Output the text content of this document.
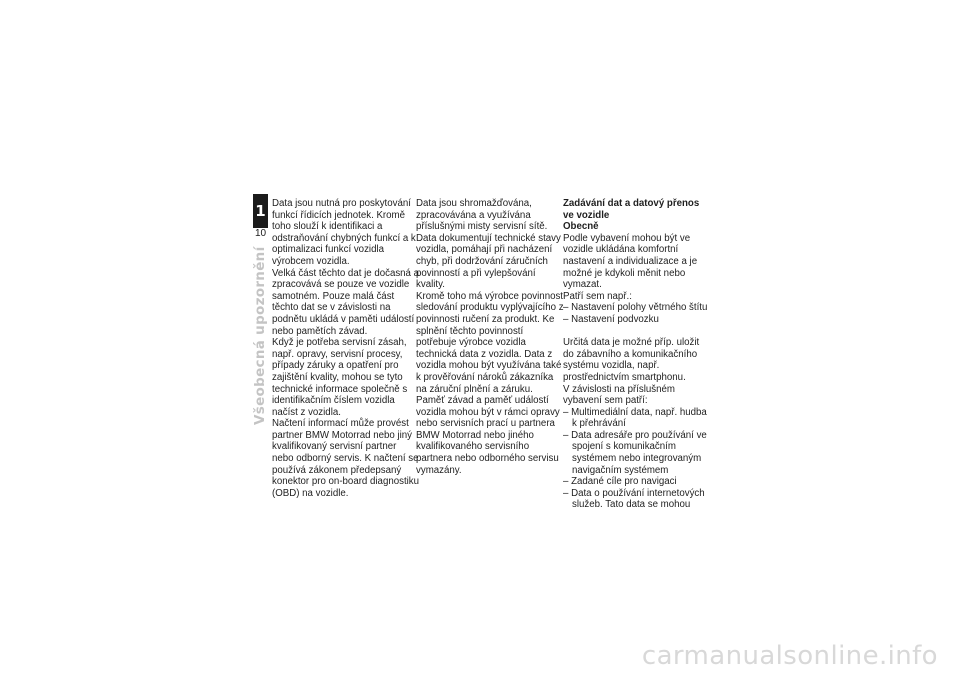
1
10
Všeobecná upozornění

Data jsou nutná pro poskytování funkcí řídicích jednotek. Kromě toho slouží k identifikaci a odstraňování chybných funkcí a k optimalizaci funkcí vozidla výrobcem vozidla.

Velká část těchto dat je dočasná a zpracovává se pouze ve vozidle samotném. Pouze malá část těchto dat se v závislosti na podnětu ukládá v paměti událostí nebo pamětích závad.

Když je potřeba servisní zásah, např. opravy, servisní procesy, případy záruky a opatření pro zajištění kvality, mohou se tyto technické informace společně s identifikačním číslem vozidla načíst z vozidla.

Načtení informací může provést partner BMW Motorrad nebo jiný kvalifikovaný servisní partner nebo odborný servis. K načtení se používá zákonem předepsaný konektor pro on-board diagnostiku (OBD) na vozidle.

Data jsou shromažďována, zpracovávána a využívána příslušnými misty servisní sítě. Data dokumentují technické stavy vozidla, pomáhají při nacházení chyb, při dodržování záručních povinností a při vylepšování kvality.

Kromě toho má výrobce povinnost sledování produktu vyplývajícího z povinnosti ručení za produkt. Ke splnění těchto povinností potřebuje výrobce vozidla technická data z vozidla. Data z vozidla mohou být využívána také k prověřování nároků zákazníka na záruční plnění a záruku.

Paměť závad a paměť událostí vozidla mohou být v rámci opravy nebo servisních prací u partnera BMW Motorrad nebo jiného kvalifikovaného servisního partnera nebo odborného servisu vymazány.

Zadávání dat a datový přenos ve vozidle

Obecně

Podle vybavení mohou být ve vozidle ukládána komfortní nastavení a individualizace a je možné je kdykoli měnit nebo vymazat.

Patří sem např.:

– Nastavení polohy větrného štítu

– Nastavení podvozku

Určitá data je možné příp. uložit do zábavního a komunikačního systému vozidla, např. prostřednictvím smartphonu.

V závislosti na příslušném vybavení sem patří:

– Multimediální data, např. hudba k přehrávání

– Data adresáře pro používání ve spojení s komunikačním systémem nebo integrovaným navigačním systémem

– Zadané cíle pro navigaci

– Data o používání internetových služeb. Tato data se mohou

carmanualsonline.info
